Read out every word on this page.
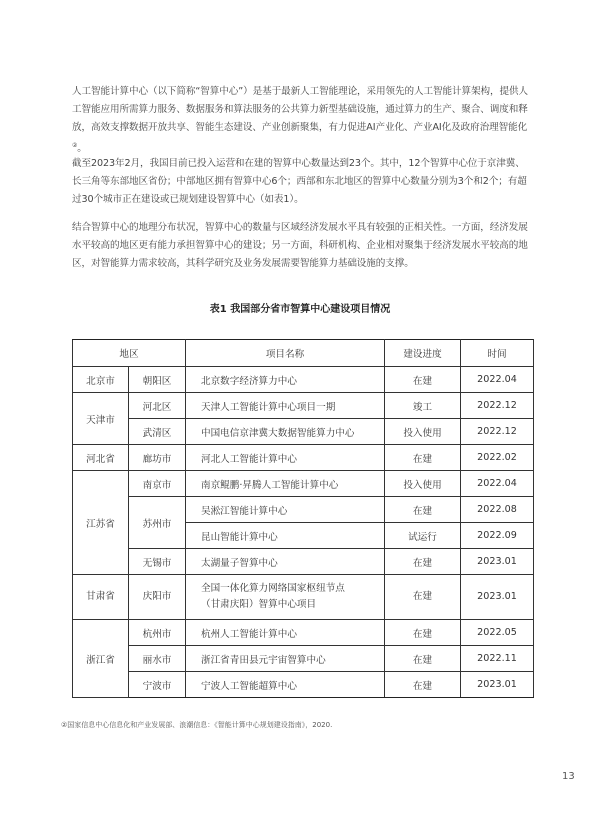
人工智能计算中心（以下简称“智算中心”）是基于最新人工智能理论，采用领先的人工智能计算架构，提供人工智能应用所需算力服务、数据服务和算法服务的公共算力新型基础设施，通过算力的生产、聚合、调度和释放，高效支撑数据开放共享、智能生态建设、产业创新聚集，有力促进AI产业化、产业AI化及政府治理智能化②。
截至2023年2月，我国目前已投入运营和在建的智算中心数量达到23个。其中，12个智算中心位于京津冀、长三角等东部地区省份；中部地区拥有智算中心6个；西部和东北地区的智算中心数量分别为3个和2个；有超过30个城市正在建设或已规划建设智算中心（如表1）。
结合智算中心的地理分布状况，智算中心的数量与区域经济发展水平具有较强的正相关性。一方面，经济发展水平较高的地区更有能力承担智算中心的建设；另一方面，科研机构、企业相对聚集于经济发展水平较高的地区，对智能算力需求较高，其科学研究及业务发展需要智能算力基础设施的支撑。
表1 我国部分省市智算中心建设项目情况
地区		项目名称	建设进度	时间
北京市	朝阳区	北京数字经济算力中心	在建	2022.04
天津市	河北区	天津人工智能计算中心项目一期	竣工	2022.12
	武清区	中国电信京津冀大数据智能算力中心	投入使用	2022.12
河北省	廊坊市	河北人工智能计算中心	在建	2022.02
江苏省	南京市	南京鲲鹏·昇腾人工智能计算中心	投入使用	2022.04
	苏州市	吴淞江智能计算中心	在建	2022.08
		昆山智能计算中心	试运行	2022.09
	无锡市	太湖量子智算中心	在建	2023.01
甘肃省	庆阳市	全国一体化算力网络国家枢纽节点
（甘肃庆阳）智算中心项目	在建	2023.01
浙江省	杭州市	杭州人工智能计算中心	在建	2022.05
	丽水市	浙江省青田县元宇宙智算中心	在建	2022.11
	宁波市	宁波人工智能超算中心	在建	2023.01
②国家信息中心信息化和产业发展部、浪潮信息：《智能计算中心规划建设指南》，2020.
13
